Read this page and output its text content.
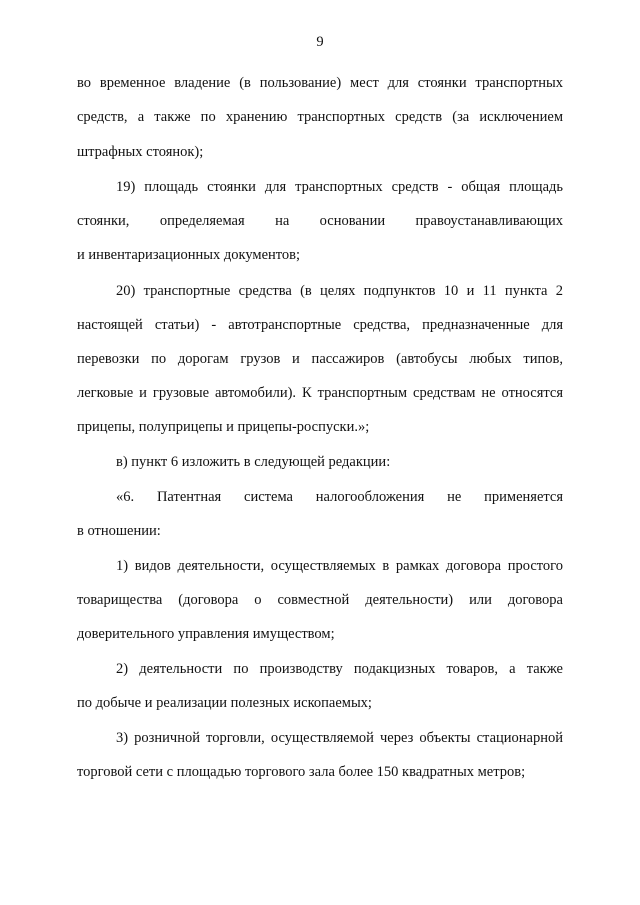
9
во временное владение (в пользование) мест для стоянки транспортных
средств, а также по хранению транспортных средств (за исключением
штрафных стоянок);
19) площадь стоянки для транспортных средств - общая площадь
стоянки, определяемая на основании правоустанавливающих
и инвентаризационных документов;
20) транспортные средства (в целях подпунктов 10 и 11 пункта 2
настоящей статьи) - автотранспортные средства, предназначенные для
перевозки по дорогам грузов и пассажиров (автобусы любых типов,
легковые и грузовые автомобили). К транспортным средствам не относятся
прицепы, полуприцепы и прицепы-роспуски.»;
в) пункт 6 изложить в следующей редакции:
«6. Патентная система налогообложения не применяется
в отношении:
1) видов деятельности, осуществляемых в рамках договора простого
товарищества (договора о совместной деятельности) или договора
доверительного управления имуществом;
2) деятельности по производству подакцизных товаров, а также
по добыче и реализации полезных ископаемых;
3) розничной торговли, осуществляемой через объекты стационарной
торговой сети с площадью торгового зала более 150 квадратных метров;
